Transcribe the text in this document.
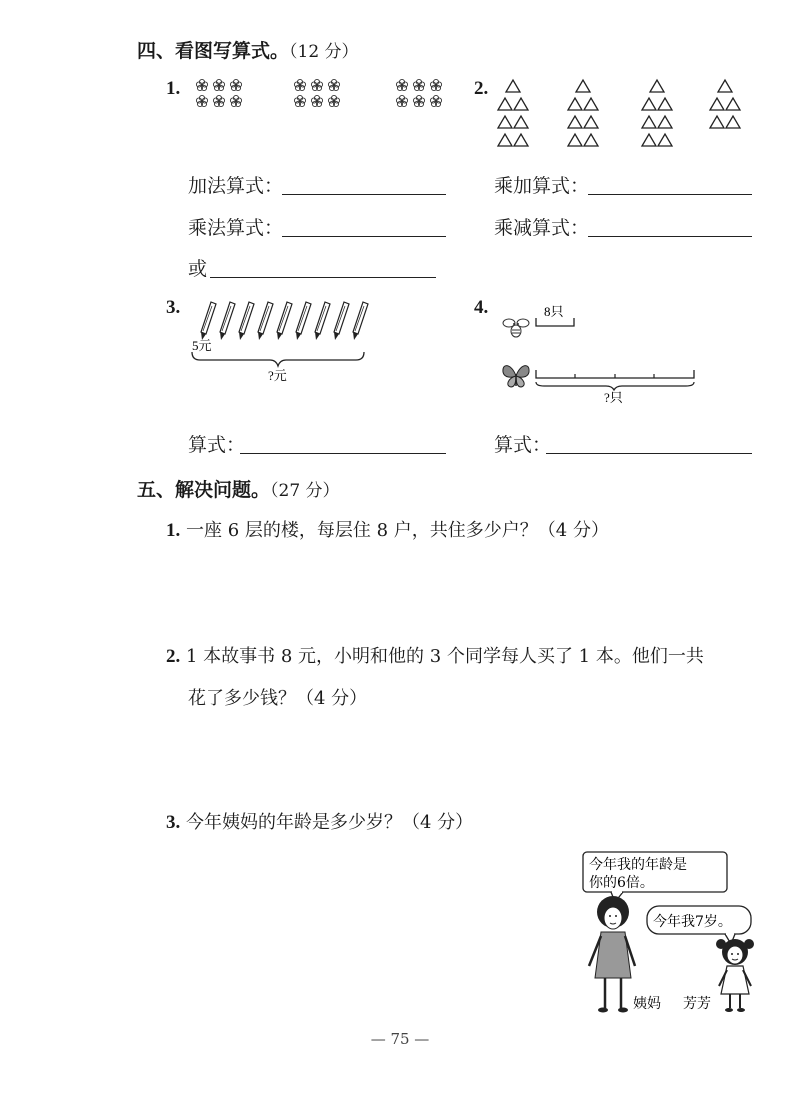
四、看图写算式。（12 分）
1.
加法算式：
乘法算式：
或
2.
乘加算式：
乘减算式：
3.
5元
?元
算式：
4.	8只
?只
算式：
五、解决问题。（27 分）
1. 一座 6 层的楼，每层住 8 户，共住多少户？（4 分）
2. 1 本故事书 8 元，小明和他的 3 个同学每人买了 1 本。他们一共
花了多少钱？（4 分）
3. 今年姨妈的年龄是多少岁？（4 分）
今年我的年龄是
你的6倍。
今年我7岁。
姨妈 芳芳
— 75 —
